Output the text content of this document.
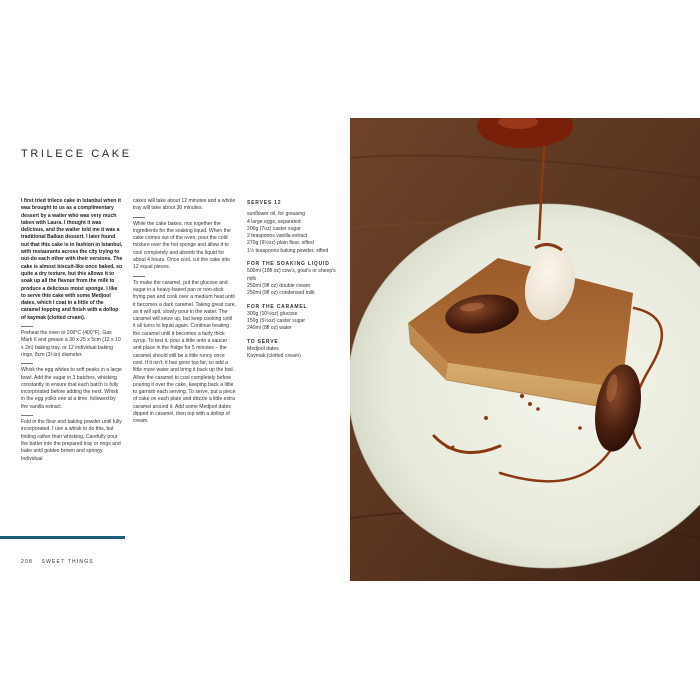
TRILECE CAKE

I first tried trilece cake in Istanbul when it was brought to us as a complimentary dessert by a waiter who was very much taken with Laura. I thought it was delicious, and the waiter told me it was a traditional Balkan dessert. I later found out that this cake is in fashion in Istanbul, with restaurants across the city trying to out-do each other with their versions. The cake is almost biscuit-like once baked, so quite a dry texture, but this allows it to soak up all the flavour from the milk to produce a delicious moist sponge. I like to serve this cake with some Medjool dates, which I coat in a little of the caramel topping and finish with a dollop of kaymak (clotted cream).

Preheat the oven to 200°C (400°F), Gas Mark 6 and grease a 30 x 25 x 5cm (12 x 10 x 2in) baking tray, or 12 individual baking rings, 8cm (3¼in) diameter.

Whisk the egg whites to soft peaks in a large bowl. Add the sugar in 3 batches, whisking constantly to ensure that each batch is fully incorporated before adding the next. Whisk in the egg yolks one at a time, followed by the vanilla extract.

Fold in the flour and baking powder until fully incorporated. I use a whisk to do this, but folding rather than whisking. Carefully pour the batter into the prepared tray or rings and bake until golden brown and springy. Individual

cakes will take about 12 minutes and a whole tray will take about 30 minutes.

While the cake bakes, mix together the ingredients for the soaking liquid. When the cake comes out of the oven, pour the cold mixture over the hot sponge and allow it to cool completely and absorb the liquid for about 4 hours. Once cool, cut the cake into 12 equal pieces.

To make the caramel, put the glucose and sugar in a heavy-based pan or non-stick frying pan and cook over a medium heat until it becomes a dark caramel. Taking great care, as it will spit, slowly pour in the water. The caramel will seize up, but keep cooking until it all turns to liquid again. Continue heating the caramel until it becomes a fairly thick syrup. To test it, pour a little onto a saucer and place in the fridge for 5 minutes – the caramel should still be a little runny once cool. If it isn't, it has gone too far, so add a little more water and bring it back up the boil. Allow the caramel to cool completely before pouring it over the cake, keeping back a little to garnish each serving. To serve, put a piece of cake on each plate and drizzle a little extra caramel around it. Add some Medjool dates dipped in caramel, then top with a dollop of cream.

SERVES 12
sunflower oil, for greasing
4 large eggs, separated
200g (7oz) caster sugar
2 teaspoons vanilla extract
270g (9½oz) plain flour, sifted
1½ teaspoons baking powder, sifted
FOR THE SOAKING LIQUID
500ml (18fl oz) cow's, goat's or sheep's milk
250ml (9fl oz) double cream
250ml (9fl oz) condensed milk
FOR THE CARAMEL
300g (10½oz) glucose
150g (5½oz) caster sugar
240ml (8fl oz) water
TO SERVE
Medjool dates
Kaymak (clotted cream)
208 SWEET THINGS
